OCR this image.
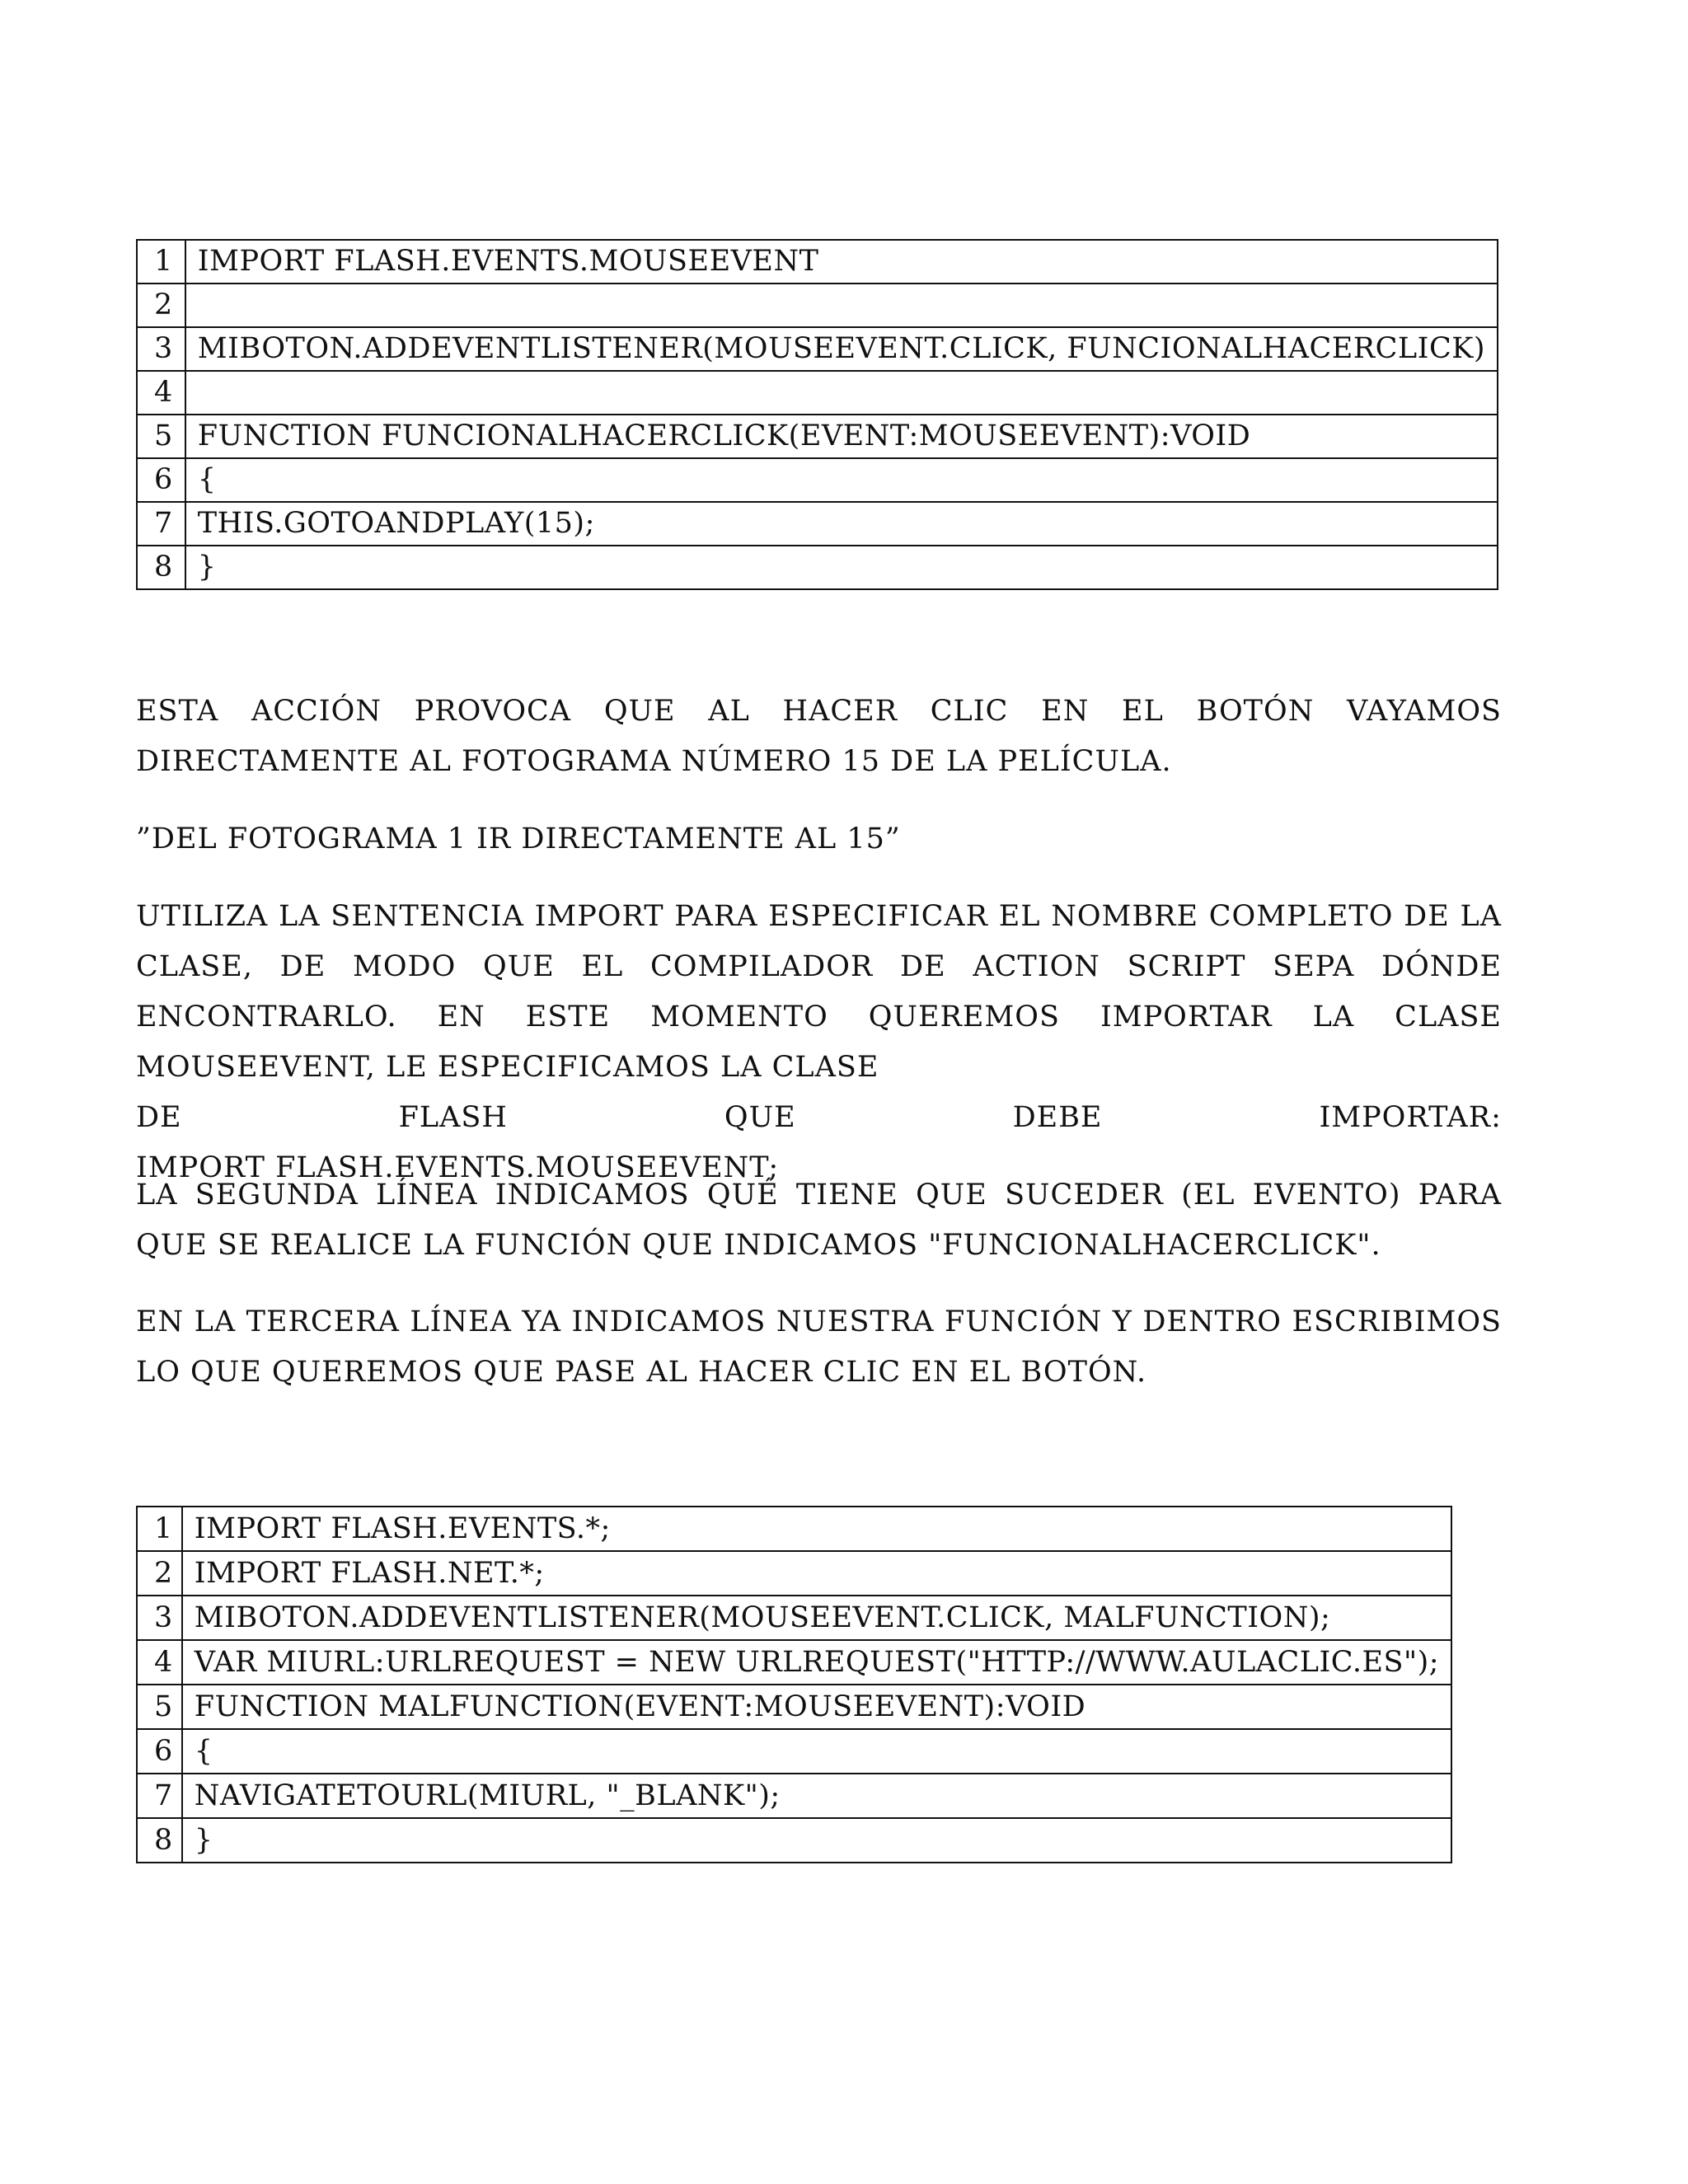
1	IMPORT FLASH.EVENTS.MOUSEEVENT
2	
3	MIBOTON.ADDEVENTLISTENER(MOUSEEVENT.CLICK, FUNCIONALHACERCLICK)
4	
5	FUNCTION FUNCIONALHACERCLICK(EVENT:MOUSEEVENT):VOID
6	{
7	THIS.GOTOANDPLAY(15);
8	}

ESTA ACCIÓN PROVOCA QUE AL HACER CLIC EN EL BOTÓN VAYAMOS DIRECTAMENTE AL FOTOGRAMA NÚMERO 15 DE LA PELÍCULA.

”DEL FOTOGRAMA 1 IR DIRECTAMENTE AL 15”

UTILIZA LA SENTENCIA IMPORT PARA ESPECIFICAR EL NOMBRE COMPLETO DE LA CLASE, DE MODO QUE EL COMPILADOR DE ACTION SCRIPT SEPA DÓNDE ENCONTRARLO. EN ESTE MOMENTO QUEREMOS IMPORTAR LA CLASE MOUSEEVENT, LE ESPECIFICAMOS LA CLASE
DE	FLASH	QUE	DEBE	IMPORTAR:
IMPORT FLASH.EVENTS.MOUSEEVENT;

LA SEGUNDA LÍNEA INDICAMOS QUÉ TIENE QUE SUCEDER (EL EVENTO) PARA QUE SE REALICE LA FUNCIÓN QUE INDICAMOS "FUNCIONALHACERCLICK".

EN LA TERCERA LÍNEA YA INDICAMOS NUESTRA FUNCIÓN Y DENTRO ESCRIBIMOS LO QUE QUEREMOS QUE PASE AL HACER CLIC EN EL BOTÓN.

1	IMPORT FLASH.EVENTS.*;
2	IMPORT FLASH.NET.*;
3	MIBOTON.ADDEVENTLISTENER(MOUSEEVENT.CLICK, MALFUNCTION);
4	VAR MIURL:URLREQUEST = NEW URLREQUEST("HTTP://WWW.AULACLIC.ES");
5	FUNCTION MALFUNCTION(EVENT:MOUSEEVENT):VOID
6	{
7	NAVIGATETOURL(MIURL, "_BLANK");
8	}
